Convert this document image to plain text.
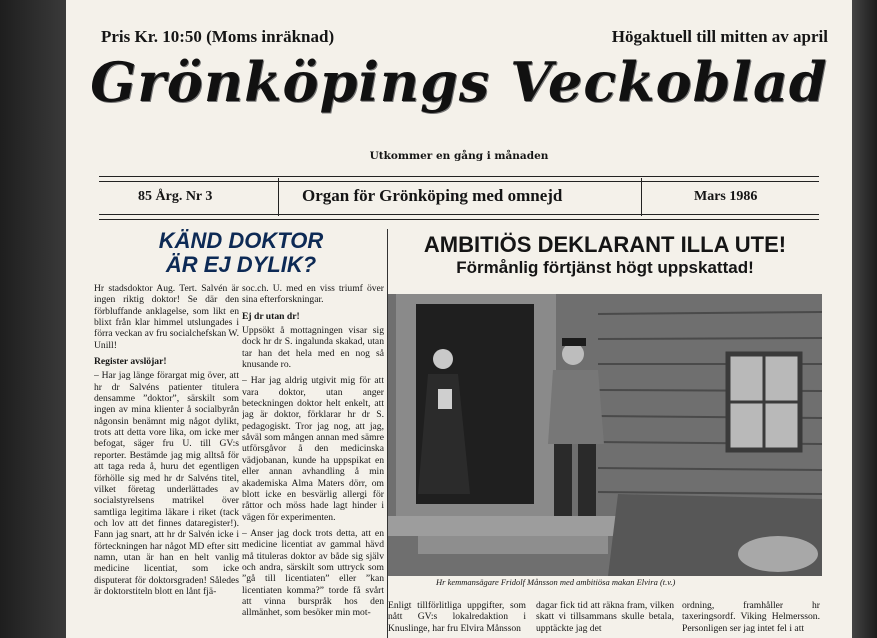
Pris Kr. 10:50 (Moms inräknad)	Högaktuell till mitten av april
Grönköpings Veckoblad
Utkommer en gång i månaden
85 Årg. Nr 3	Organ för Grönköping med omnejd	Mars 1986
KÄND DOKTOR
ÄR EJ DYLIK?
AMBITIÖS DEKLARANT ILLA UTE!
Förmånlig förtjänst högt uppskattad!

Hr stadsdoktor Aug. Tert. Salvén är ingen riktig doktor! Se där den förbluffande anklagelse, som likt en blixt från klar himmel utslungades i förra veckan av fru socialchefskan W. Unill!

Register avslöjar!

– Har jag länge förargat mig över, att hr dr Salvéns patienter titulera densamme ”doktor”, särskilt som ingen av mina klienter å socialbyrån någonsin benämnt mig något dylikt, trots att detta vore lika, om icke mer befogat, säger fru U. till GV:s reporter. Bestämde jag mig alltså för att taga reda å, huru det egentligen förhölle sig med hr dr Salvéns titel, vilket företag underlättades av socialstyrelsens matrikel över samtliga legitima läkare i riket (tack och lov att det finnes dataregister!). Fann jag snart, att hr dr Salvén icke i förteckningen har något MD efter sitt namn, utan är han en helt vanlig medicine licentiat, som icke disputerat för doktorsgraden! Således är doktorstiteln blott en lånt fjä-

soc.ch. U. med en viss triumf över sina efterforskningar.

Ej dr utan dr!

Uppsökt å mottagningen visar sig dock hr dr S. ingalunda skakad, utan tar han det hela med en nog så knusande ro.

– Har jag aldrig utgivit mig för att vara doktor, utan anger beteckningen doktor helt enkelt, att jag är doktor, förklarar hr dr S. pedagogiskt. Tror jag nog, att jag, såväl som mången annan med sämre utförsgåvor å den medicinska vädjobanan, kunde ha uppspikat en eller annan avhandling å min akademiska Alma Maters dörr, om blott icke en besvärlig allergi för råttor och möss hade lagt hinder i vägen för experimenten.

– Anser jag dock trots detta, att en medicine licentiat av gammal hävd må tituleras doktor av både sig själv och andra, särskilt som uttryck som ”gå till licentiaten” eller ”kan licentiaten komma?” torde få svårt att vinna burspråk hos den allmänhet, som besöker min mot-

Hr kemmansägare Fridolf Månsson med ambitiösa makan Elvira (t.v.)
Enligt tillförlitliga uppgifter, som nått GV:s lokalredaktion i Knuslinge, har fru Elvira Månsson
dagar fick tid att räkna fram, vilken skatt vi tillsammans skulle betala, upptäckte jag det
ordning, framhåller hr taxeringsordf. Viking Helmersson. Personligen ser jag intet fel i att
